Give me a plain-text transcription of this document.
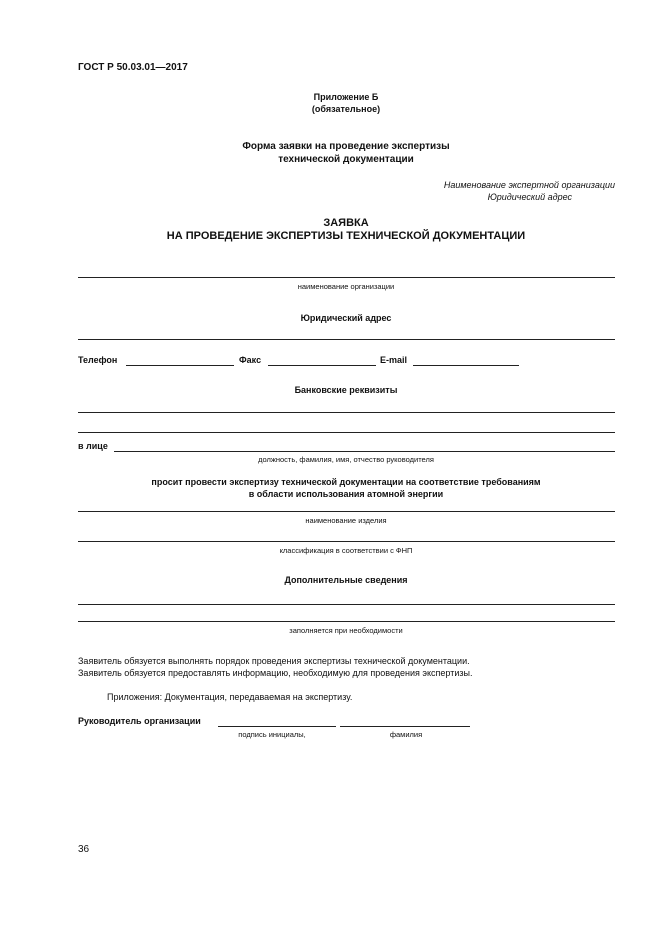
ГОСТ Р 50.03.01—2017
Приложение Б
(обязательное)
Форма заявки на проведение экспертизы
технической документации
Наименование экспертной организации
Юридический адрес
ЗАЯВКА
НА ПРОВЕДЕНИЕ ЭКСПЕРТИЗЫ ТЕХНИЧЕСКОЙ ДОКУМЕНТАЦИИ
наименование организации
Юридический адрес
Телефон	Факс	E-mail
Банковские реквизиты
в лице
должность, фамилия, имя, отчество руководителя
просит провести экспертизу технической документации на соответствие требованиям
в области использования атомной энергии
наименование изделия
классификация в соответствии с ФНП
Дополнительные сведения
заполняется при необходимости
Заявитель обязуется выполнять порядок проведения экспертизы технической документации.
Заявитель обязуется предоставлять информацию, необходимую для проведения экспертизы.
Приложения: Документация, передаваемая на экспертизу.
Руководитель организации
подпись инициалы,	фамилия
36
